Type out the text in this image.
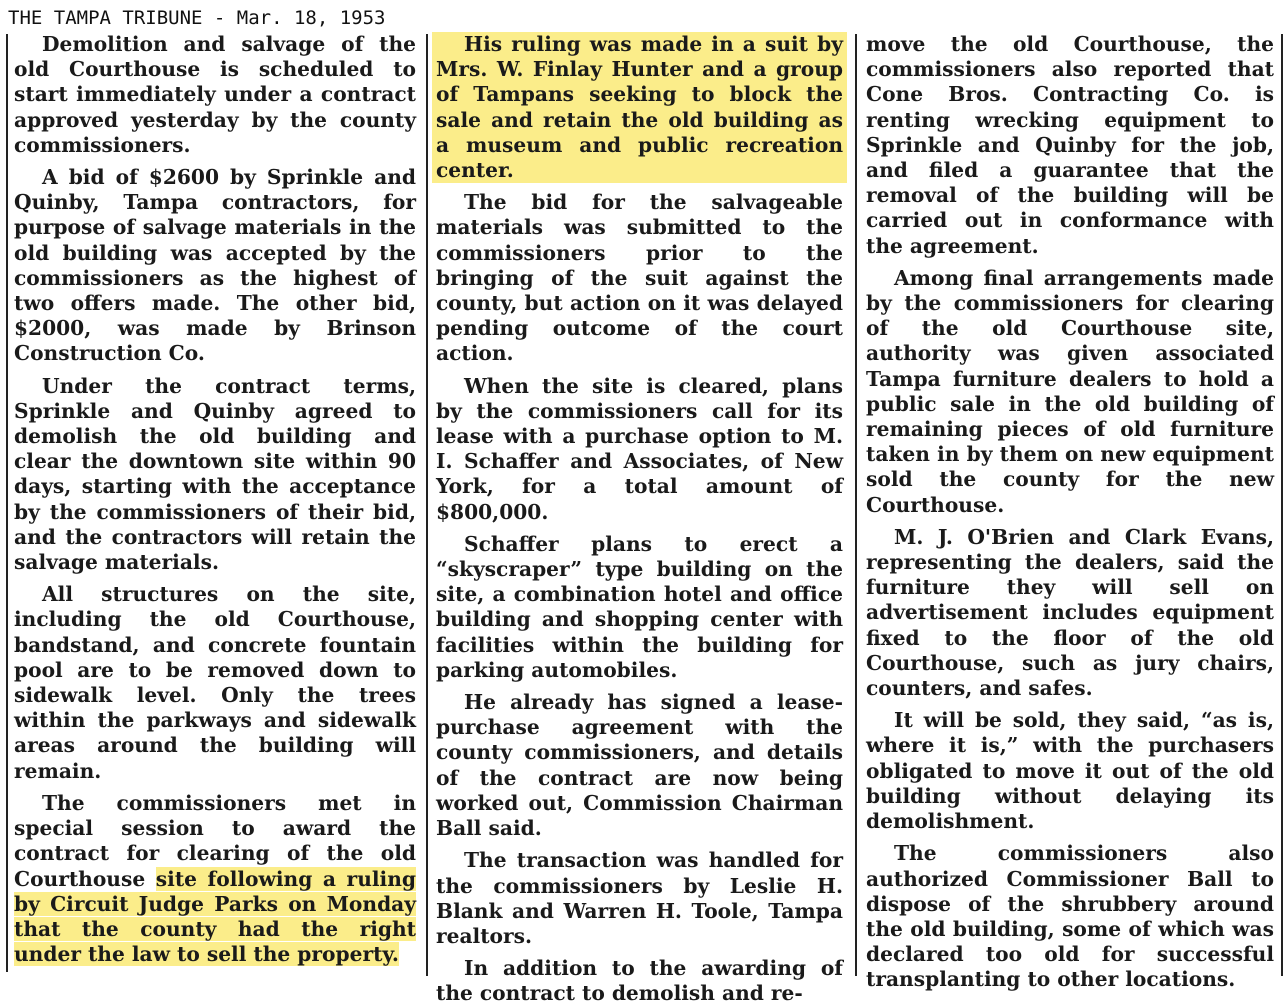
THE TAMPA TRIBUNE - Mar. 18, 1953

Demolition and salvage of the old Courthouse is scheduled to start immediately under a contract approved yesterday by the county commissioners.

A bid of $2600 by Sprinkle and Quinby, Tampa contractors, for purpose of salvage materials in the old building was accepted by the commissioners as the highest of two offers made. The other bid, $2000, was made by Brinson Construction Co.

Under the contract terms, Sprinkle and Quinby agreed to demolish the old building and clear the downtown site within 90 days, starting with the acceptance by the commissioners of their bid, and the contractors will retain the salvage materials.

All structures on the site, including the old Courthouse, bandstand, and concrete fountain pool are to be removed down to sidewalk level. Only the trees within the parkways and sidewalk areas around the building will remain.

The commissioners met in special session to award the contract for clearing of the old Courthouse site following a ruling by Circuit Judge Parks on Monday that the county had the right under the law to sell the property.

His ruling was made in a suit by Mrs. W. Finlay Hunter and a group of Tampans seeking to block the sale and retain the old building as a museum and public recreation center.

The bid for the salvageable materials was submitted to the commissioners prior to the bringing of the suit against the county, but action on it was delayed pending outcome of the court action.

When the site is cleared, plans by the commissioners call for its lease with a purchase option to M. I. Schaffer and Associates, of New York, for a total amount of $800,000.

Schaffer plans to erect a “skyscraper” type building on the site, a combination hotel and office building and shopping center with facilities within the building for parking automobiles.

He already has signed a lease-purchase agreement with the county commissioners, and details of the contract are now being worked out, Commission Chairman Ball said.

The transaction was handled for the commissioners by Leslie H. Blank and Warren H. Toole, Tampa realtors.

In addition to the awarding of the contract to demolish and re-

move the old Courthouse, the commissioners also reported that Cone Bros. Contracting Co. is renting wrecking equipment to Sprinkle and Quinby for the job, and filed a guarantee that the removal of the building will be carried out in conformance with the agreement.

Among final arrangements made by the commissioners for clearing of the old Courthouse site, authority was given associated Tampa furniture dealers to hold a public sale in the old building of remaining pieces of old furniture taken in by them on new equipment sold the county for the new Courthouse.

M. J. O'Brien and Clark Evans, representing the dealers, said the furniture they will sell on advertisement includes equipment fixed to the floor of the old Courthouse, such as jury chairs, counters, and safes.

It will be sold, they said, “as is, where it is,” with the purchasers obligated to move it out of the old building without delaying its demolishment.

The commissioners also authorized Commissioner Ball to dispose of the shrubbery around the old building, some of which was declared too old for successful transplanting to other locations.
